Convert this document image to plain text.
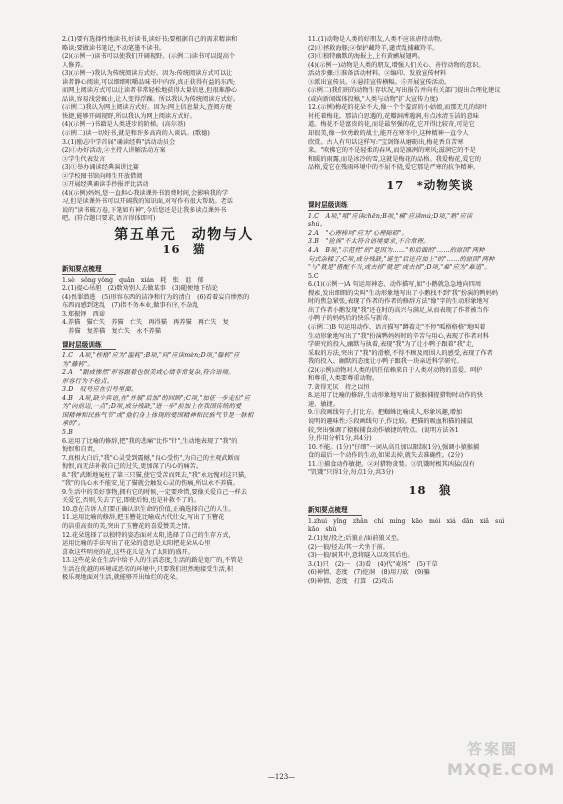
2.(1)要有选择性地读书,好读书,读好书;要根据自己的需求精读和

略读;要做读书笔记,不动笔墨不读书。

(2)(示例一)读书可以使我们开阔视野。(示例二)读书可以提高个

人修养。

(3)(示例一)我认为传统阅读方式好。因为:传统阅读方式可以让

读者静心阅读,可以细细咀嚼品味书中内容,真正获得有益的东西;

而网上阅读方式可以让读者非常轻松地获得大量信息,但很难静心

品读,容易浅尝辄止,让人变得浮躁。所以我认为传统阅读方式好。

(示例二)我认为网上阅读方式好。因为:网上信息量大,查阅方便

快捷,能够开阔视野,所以我认为网上阅读方式好。

(4)(示例一)书籍是人类进步的阶梯。(高尔基)

(示例二)读一切好书,就是和许多高尚的人谈话。(歌德)

3.(1)励志中学首届"诵读经典"活动动员会

(2)①办好活动,②主持人讲解活动方案

③学生代表发言

(3)①举办诵读经典演讲比赛

②学校图书馆向师生开放借阅

③开展经典诵读手抄报评比活动

(4)(示例)妈妈,您一直担心我读课外书浪费时间,会影响我的学

习,但是读课外书可以开阔我的知识面,对写作有很大帮助。老话

说的"读书破万卷,下笔如有神",今后您还是让我多读点课外书

吧。(符合题目要求,语言得体即可)

第五单元　动物与人
16　猫
新知要点梳理

1.sè　sǒng yǒng　quǎn　xián　耗　怅　诅　郁

2.(1)提心吊胆　(2)数劝别人去做某事　(3)随便地下结论

(4)畏罪潜逃　(5)形容东西的洁净和行为的清白　(6)看着妄自惨然的

东西而感到迷乱　(7)指不务本业,做事有序,不杂乱

3.郑振铎　西谛

4.养猫　猫亡失　养猫　亡失　再得猫　再养猫　再亡失　复

　养猫　复养猫　复亡失　永不养猫

课时层级训练

1.C　A项,"桎梏"应为"滥耗";B项,"问"应读mèn;D项,"滕转"应

为"藤转"。

2.A　"跟成惨然"形容跟着也很美或心情非常复杂,符合语境。

形容行为不检点。

3.D　叹号应在引号里面。

4.B　A项,缺少宾语,在"并展"后加"的回顾";C项,"加征一步走位"应

为"向前迈,一点";D项,成分残缺,"进一步"前加上在我国传统的爱

国精神和民族气节"或"他们身上体现的爱国精神和民族气节是一脉相

承的"。

5.B

6.运用了比喻的修辞,把"我的悲痛"比作"针",生动地表现了"我"的

悔恨和自责。

7.真相大白后,"我"心灵受到震撼,"良心受伤",为自己的主观武断而

悔恨,而无法补救自己的过失,更加深了内心的痛苦。

8."我"武断地冤枉了第三只猫,使它受苦而死去,"我"永远愧对这只猫,

"我"的良心永不能安,见了猫就会触发心灵的伤痛,所以永不养猫。

9.生活中的美好事物,拥有它的时候,一定要珍惜,要像关爱自己一样去

关爱它,否则,失去了它,即使后悔,也是补救不了的。

10.意在告诉人们要正确认识生命的价值,正确选择自己的人生。

11.运用比喻的修辞,把玉簪花比喻成古代仕女,写出了玉簪花

的洁重高贵的美,突出了玉簪花的喜爱赞美之情。

12.花朵选择了以独特的姿态面对太阳,选择了自己的生存方式,

运用比喻的手法写出了花朵的意思是太阳把花朵从心里

喜欢这些明亮的花,这些花儿是为了太阳的盛开。

13.这些花朵在生活中给予人的生活态度,生活的路是宽广的,不管是

生活在优越的环境或恶劣的环境中,只要我们坦然地接受生活,积

极乐观地面对生活,就能够开出灿烂的花朵。

11.(1)动物是人类的好朋友,人类不应该虐待动物。

(2)①拯救海豚;②保护藏羚羊,谴责乱捕藏羚羊。

(3)①独特幽默的海报上,上有黄鹂展翅鸣。

(4)(示例一)动物是人类的朋友,增强人们关心、善待动物的意识。

活动步骤:①准备活动材料。②编印、发放宣传材料

③派出宣传员。④悬挂宣传横幅。⑤开展宣传活动。

(示例二)我们班的动物生存状况,写出报告并向有关部门提出合理化建议

(或向新闻媒体投稿,"人类与动物"扩大宣传力度)

12.(示例)梅花的花朵不大,像一个个羞涩的小姑娘,而那无几的绿叶

衬托着梅花。那洁白思遇的,花瓣洞溥遇润,有点冰清玉洁的意味

道。梅花不是富贵的花,而是最坚强的花,它开得比较奇,可是它

却很美,像一位勇敢的战士,能开在寒冬中,这种精神一直令人

欣赏。古人有句话这样写:"宝剑锋从磨砺出,梅花香自苦寒

来。"吹拂它的不是轻柔的春风,而是凛冽的寒风;滋润它的不是

和暖的雨露,而是冰冷的雪,这就是梅花的品格。我爱梅花,爱它的

品格,爱它在残雨环境中的不屈不挠,爱它那是严寒的抗争精神。

17　*动物笑谈
课时层级训练

1.C　A项,"哦"应读chēn;B项,"模"应读mú;D项,"熟"应读

shú。

2.A　"心理棒坷"应为"心理障碍"。

3.B　"捡诶"不太符合语境要求,不合常理。

4.A　B项,"示范性"的"是因为……"和后面的"……的原因"两种

句式杂糅了;C项,成分残缺,"诞生"后还应加上"的"……的原因"两种

"与"就是"搭配不当,或去掉"就是"或去掉";D项,"难"应为"难道"。

5.C

6.(1)(示例一)A 句运用神态、动作描写,如"小鹅就急急地向四周

搜索,发出细细的尖叫"生动形象地写出了小鹅找不到"我"扮演的鸭妈妈

时的焦急紧张,表现了作者的作者的修辞方法"像"字的生动形象地写

出了作者小鹅发现"我"还在时的高兴与满足,从而表现了作者被当作

小鸭子的妈妈后的快乐与新奇。

(示例二)B 句运用动作、语言描写"蹲着走"不停"呱格格格"地叫着

生动形象地写出了"我"扮演鸭妈妈时的辛苦与用心,表现了作者对科

学研究的投入,幽默与执着,表现"我"为了让小鸭子跟着"我"走,

采取的方法,突出了"我"的滑稽,不得不顾及周围人的感受,表现了作者

我的投入、幽默的态度让小鸭子跟我一块亲近科学研究。

(2)(示例)动物对人类的信任依赖来自于人类对动物的喜爱、呵护

和尊重,人类要尊重动物。

7.贪得无厌　持之以恒

8.运用了比喻的修辞,生动形象地写出了猿猴捕捉猎物时动作的快

速、敏捷。

9.①段画线句子,打比方。把蜘蛛比喻成人,形象风趣,增加

说明的趣味性;⑤段画线句子,作比较。把猫的吸血和猫的捕鼠

较,突出强调了猿猴捕食动作敏捷的特点。(说明方法各1

分,作用分析1分,共4分)

10.不能。(1分)"仔细"一词从高且加以限制(1分),强调小猿猴捕

食的最后一个动作的生动,如果去掉,就失去准确性。(2分)

11.①捕食动作敏捷。②对猎物贪婪。③饥饿时极其凶猛(没有

"饥饿"只得1分,每点1分,共3分)

18　狼
新知要点梳理

1.zhuì　yǐng　zhǎn　chí　míng　kāo　mèi　xiá　dān　xiǎ　suì

kāo　shǔ

2.(1)复/投之;后狼止/面前狼又至。

(2)一狼/径去/其一犬坐于前。

(3)一狼/洞其中,意将隧入以攻其后也。

3.(1)只　(2)一　(3)看　(4)代"麦场"　(5)干草

(6)神情、态度　(7)挖洞　(8)用刀砍　(9)骗

(9)神情、态度　打算　(2)攻击

—123—
答案圈
MXQE.COM
